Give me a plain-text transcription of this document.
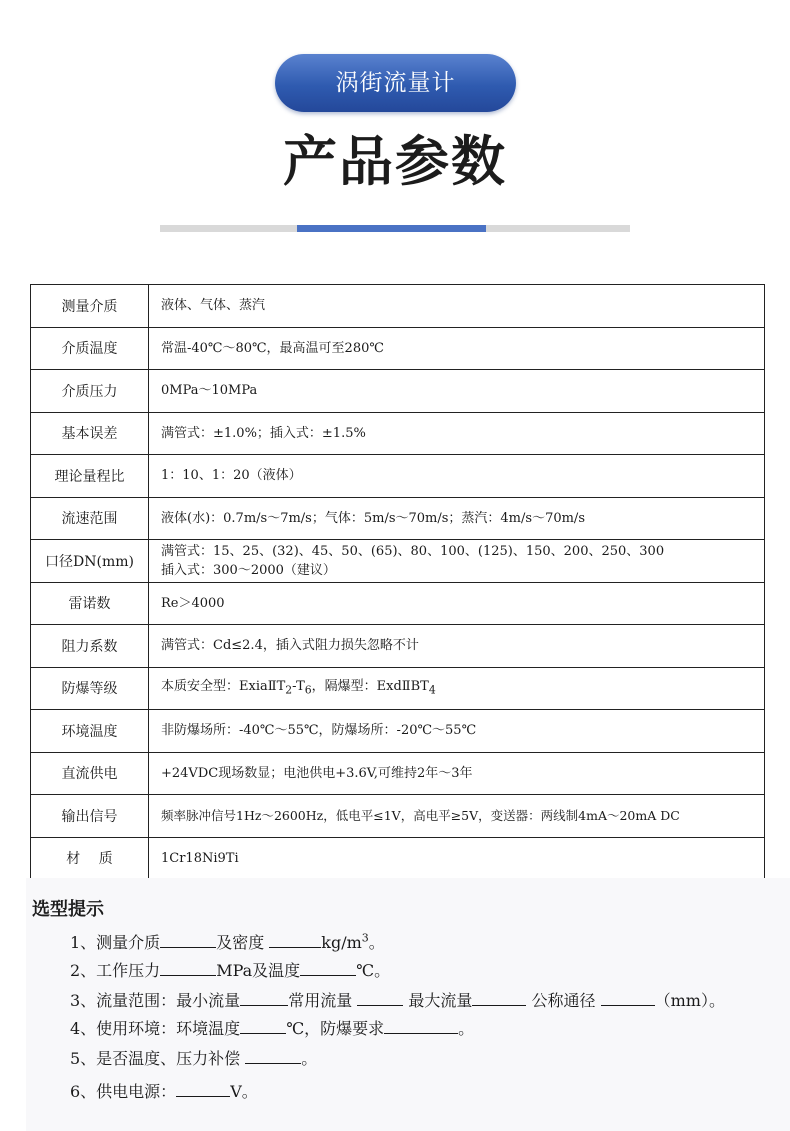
涡街流量计
产品参数
测量介质	液体、气体、蒸汽
介质温度	常温-40℃～80℃，最高温可至280℃
介质压力	0MPa～10MPa
基本误差	满管式：±1.0%；插入式：±1.5%
理论量程比	1：10、1：20（液体）
流速范围	液体(水)：0.7m/s～7m/s；气体：5m/s～70m/s；蒸汽：4m/s～70m/s
口径DN(mm)	满管式：15、25、(32)、45、50、(65)、80、100、(125)、150、200、250、300
插入式：300～2000（建议）

雷诺数	Re＞4000
阻力系数	满管式：Cd≤2.4，插入式阻力损失忽略不计
防爆等级	本质安全型：$ExiaⅡT_2-T_6$，隔爆型：$ExdⅡBT_4$
环境温度	非防爆场所：-40℃～55℃，防爆场所：-20℃～55℃
直流供电	+24VDC现场数显；电池供电+3.6V,可维持2年～3年
输出信号	频率脉冲信号1Hz～2600Hz，低电平≤1V，高电平≥5V，变送器：两线制4mA～20mA DC
材　 质	1Cr18Ni9Ti
选型提示
1、测量介质	及密度	$kg/m^3$。
2、工作压力	MPa及温度	℃。
3、流量范围：最小流量	常用流量	最大流量	公称通径	（mm）。
4、使用环境：环境温度	℃，防爆要求	。
5、是否温度、压力补偿	。
6、供电电源：	V。
